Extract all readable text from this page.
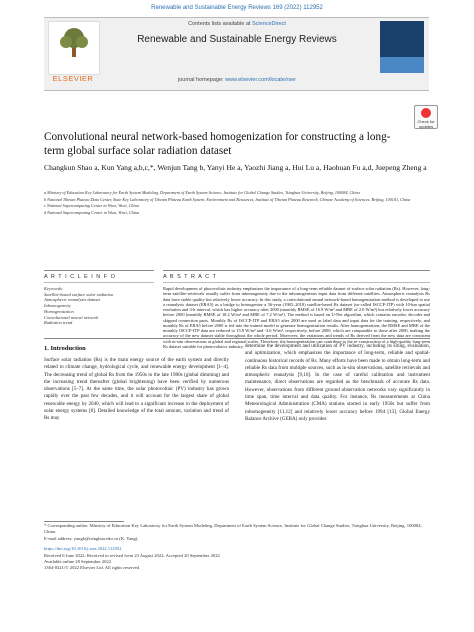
Renewable and Sustainable Energy Reviews 169 (2022) 112952
ELSEVIER
Contents lists available at ScienceDirect
Renewable and Sustainable Energy Reviews
journal homepage: www.elsevier.com/locate/rser
Check for updates
Convolutional neural network-based homogenization for constructing a long-term global surface solar radiation dataset
Changkun Shao a, Kun Yang a,b,c,*, Wenjun Tang b, Yanyi He a, Yaozhi Jiang a, Hui Lu a, Haohuan Fu a,d, Juepeng Zheng a
a Ministry of Education Key Laboratory for Earth System Modeling, Department of Earth System Science, Institute for Global Change Studies, Tsinghua University, Beijing, 100084, China
b National Tibetan Plateau Data Center, State Key Laboratory of Tibetan Plateau Earth System, Environment and Resources, Institute of Tibetan Plateau Research, Chinese Academy of Sciences, Beijing, 100101, China
c National Supercomputing Center in Wuxi, Wuxi, China
d National Supercomputing Center in Wuxi, Wuxi, China
A R T I C L E I N F O	A B S T R A C T
Keywords:
Satellite-based surface solar radiation
Atmospheric reanalysis dataset
Inhomogeneity
Homogenization
Convolutional neural network
Radiation trend
Rapid development of photovoltaic industry emphasizes the importance of a long-term reliable dataset of surface solar radiation (Rs). However, long-term satellite-retrievals usually suffer from inhomogeneity due to the inhomogeneous input data from different satellites. Atmospheric reanalysis Rs data have stable quality but relatively lower accuracy. In this study, a convolutional neural network-based homogenization method is developed to use a reanalysis dataset (ERA5) as a bridge to homogenize a 36-year (1983–2018) satellite-based Rs dataset (so-called ISCCP-ITP) with 10-km spatial resolution and 3-h interval, which has higher accuracy after 2000 (monthly RMSE of 16.9 W/m² and MBE of 2.0 W/m²) but relatively lower accuracy before 2000 (monthly RMSE of 18.2 W/m² and MBE of 7.2 W/m²). The method is based on U-Net algorithm, which contains encoder, decoder and skipped connection parts. Monthly Rs of ISCCP-ITP and ERA5 after 2000 are used as label data and input data for the training, respectively, and monthly Rs of ERA5 before 2000 is fed into the trained model to generate homogenization results. After homogenization, the RMSE and MBE of the monthly ISCCP-ITP data are reduced to 15.8 W/m² and -3.6 W/m², respectively, before 2000, which are comparable to those after 2000, making the accuracy of the new dataset stable throughout the whole period. Moreover, the variations and trends of Rs derived from the new data are consistent with in-situ observations at global and regional scales. Therefore, the homogenization can contribute to the re-construction of a high-quality long-term Rs dataset suitable for photovoltaics industry.
1. Introduction
Surface solar radiation (Rs) is the main energy source of the earth system and directly related to climate change, hydrological cycle, and renewable energy development [1–4]. The decreasing trend of global Rs from the 1950s to the late 1980s (global dimming) and the increasing trend thereafter (global brightening) have been verified by numerous observations [5–7]. At the same time, the solar photovoltaic (PV) industry has grown rapidly over the past few decades, and it will account for the largest share of global renewable energy by 2040, which will lead to a significant increase in the deployment of solar energy systems [8]. Detailed knowledge of the total amount, variation and trend of Rs may
determine the development and utilization of PV industry, including its siting, evaluation, and optimization, which emphasizes the importance of long-term, reliable and spatial-continuous historical records of Rs. Many efforts have been made to obtain long-term and reliable Rs data from multiple sources, such as in-situ observations, satellite retrievals and atmospheric reanalysis [9,10]. In the case of careful calibration and instrument maintenance, direct observations are regarded as the benchmark of accurate Rs data. However, observations from different ground observation networks vary significantly in time span, time interval and data quality. For instance, Rs measurements at China Meteorological Administration (CMA) stations started in early 1950s but suffer from inhomogeneity [11,12] and relatively lower accuracy before 1994 [13]. Global Energy Balance Archive (GEBA) only provides
* Corresponding author. Ministry of Education Key Laboratory for Earth System Modeling, Department of Earth System Science, Institute for Global Change Studies, Tsinghua University, Beijing, 100084, China.
E-mail address: yangk@tsinghua.edu.cn (K. Yang).
https://doi.org/10.1016/j.rser.2022.112952
Received 6 June 2022; Received in revised form 23 August 2022; Accepted 20 September 2022
Available online 28 September 2022
1364-0321/© 2022 Elsevier Ltd. All rights reserved.
